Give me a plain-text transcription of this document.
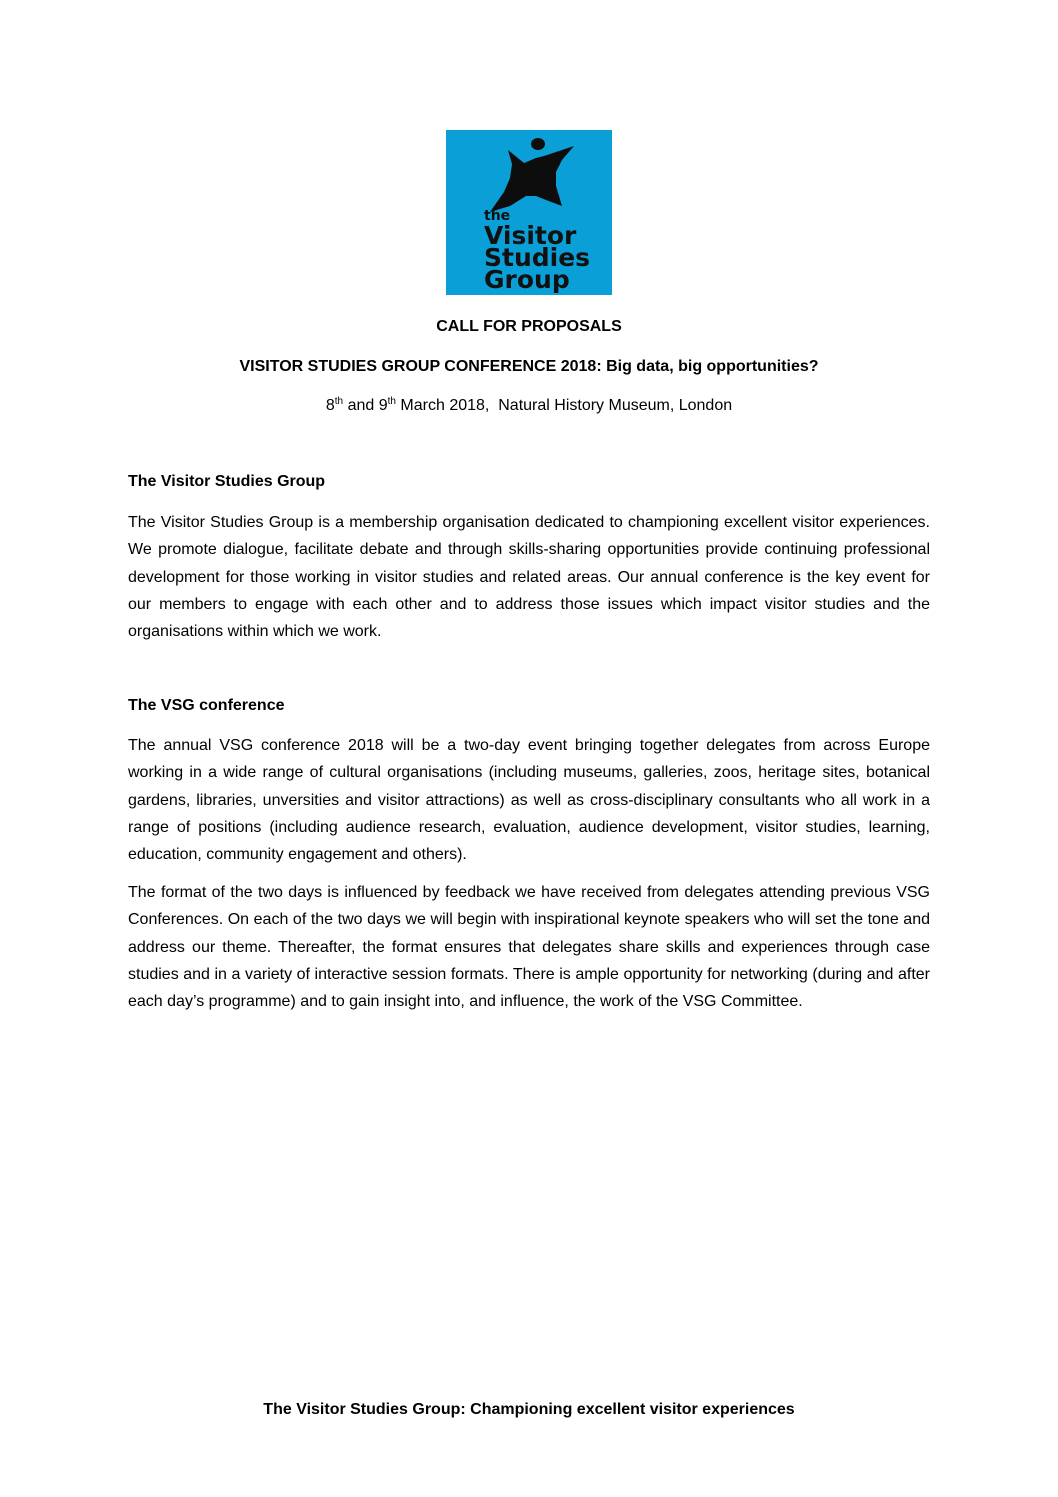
the
Visitor
Studies
Group
CALL FOR PROPOSALS
VISITOR STUDIES GROUP CONFERENCE 2018: Big data, big opportunities?
8th and 9th March 2018,  Natural History Museum, London
The Visitor Studies Group

The Visitor Studies Group is a membership organisation dedicated to championing excellent visitor experiences. We promote dialogue, facilitate debate and through skills-sharing opportunities provide continuing professional development for those working in visitor studies and related areas. Our annual conference is the key event for our members to engage with each other and to address those issues which impact visitor studies and the organisations within which we work.

The VSG conference

The annual VSG conference 2018 will be a two-day event bringing together delegates from across Europe working in a wide range of cultural organisations (including museums, galleries, zoos, heritage sites, botanical gardens, libraries, unversities and visitor attractions) as well as cross-disciplinary consultants who all work in a range of positions (including audience research, evaluation, audience development, visitor studies, learning, education, community engagement and others).

The format of the two days is influenced by feedback we have received from delegates attending previous VSG Conferences. On each of the two days we will begin with inspirational keynote speakers who will set the tone and address our theme. Thereafter, the format ensures that delegates share skills and experiences through case studies and in a variety of interactive session formats. There is ample opportunity for networking (during and after each day’s programme) and to gain insight into, and influence, the work of the VSG Committee.

The Visitor Studies Group: Championing excellent visitor experiences
